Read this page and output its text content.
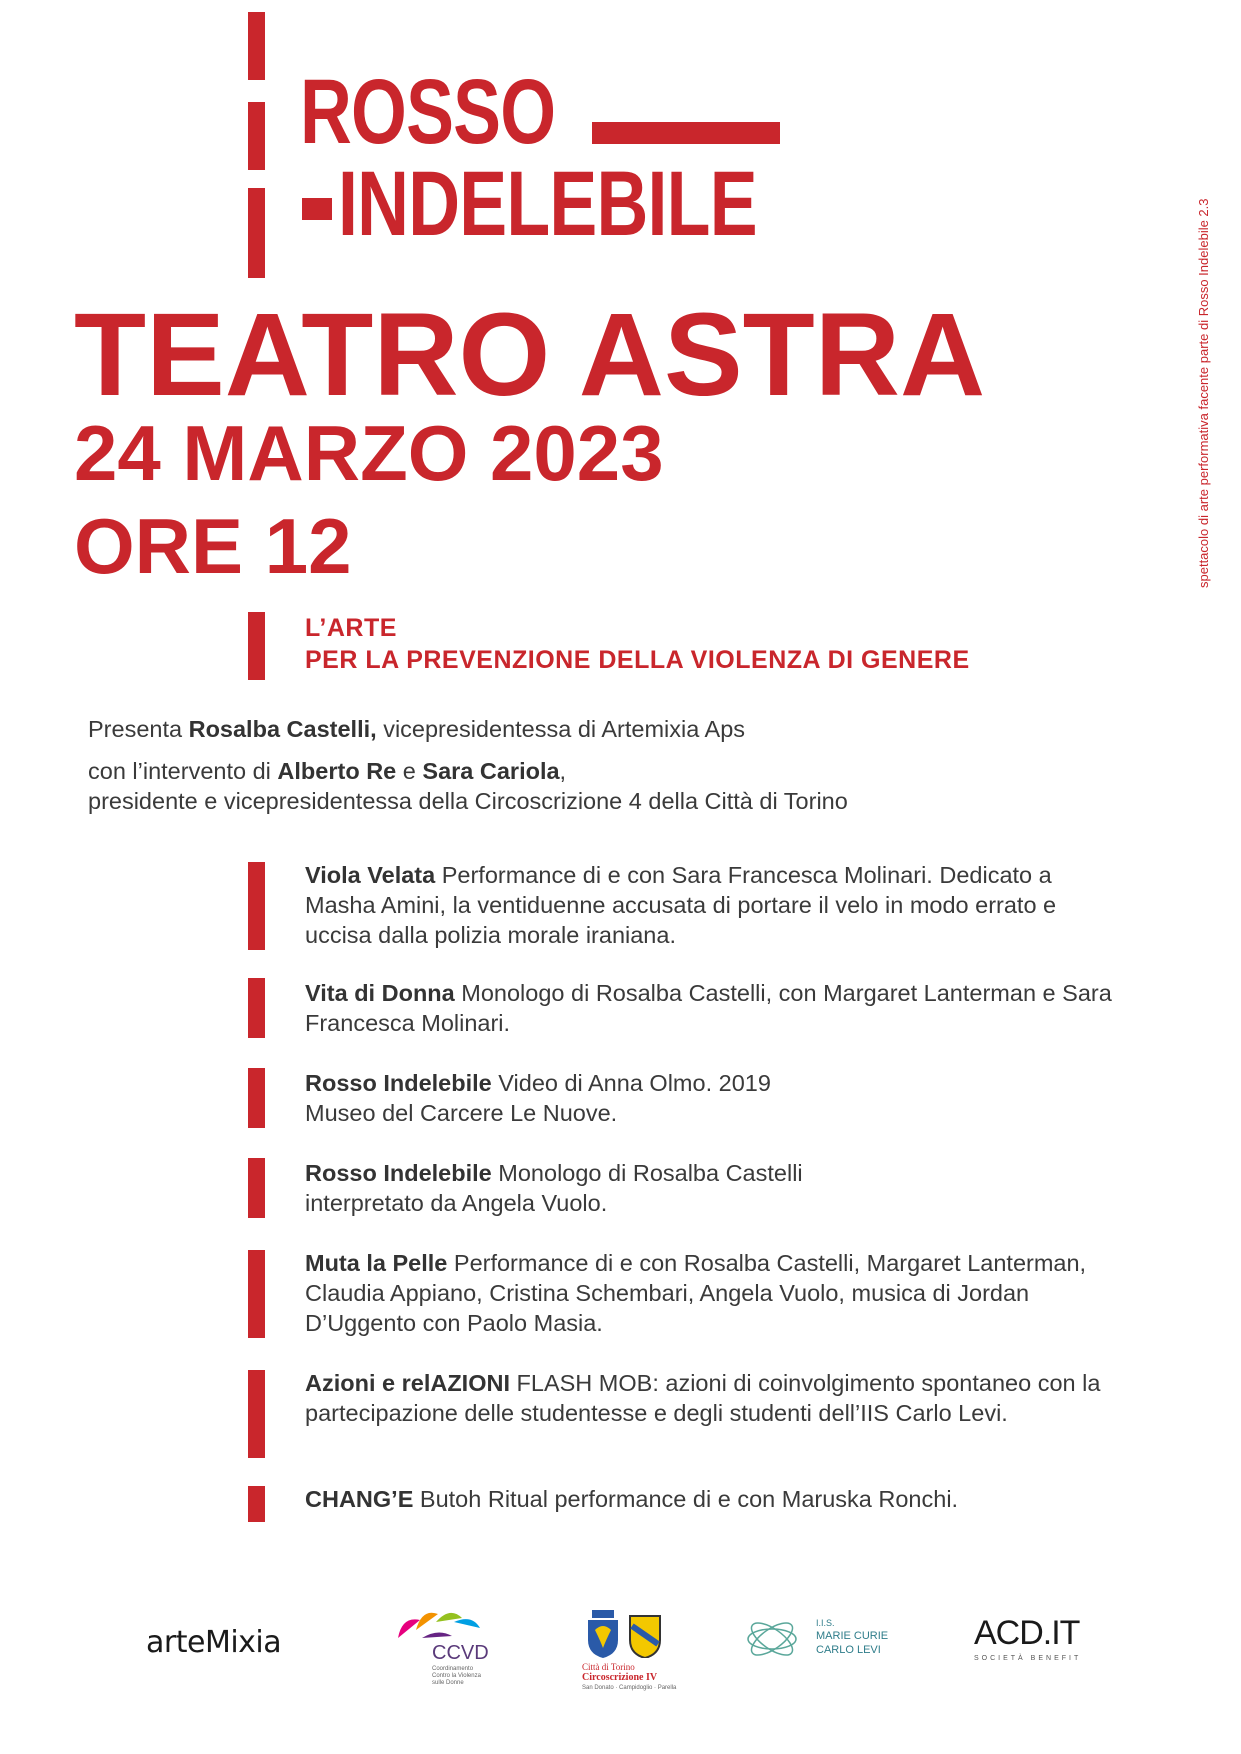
ROSSO
INDELEBILE
TEATRO ASTRA
24 MARZO 2023
ORE 12
L’ARTE
PER LA PREVENZIONE DELLA VIOLENZA DI GENERE
Presenta Rosalba Castelli, vicepresidentessa di Artemixia Aps
con l’intervento di Alberto Re e Sara Cariola,
presidente e vicepresidentessa della Circoscrizione 4 della Città di Torino
Viola Velata Performance di e con Sara Francesca Molinari. Dedicato a Masha Amini, la ventiduenne accusata di portare il velo in modo errato e uccisa dalla polizia morale iraniana.
Vita di Donna Monologo di Rosalba Castelli, con Margaret Lanterman e Sara Francesca Molinari.
Rosso Indelebile Video di Anna Olmo. 2019 Museo del Carcere Le Nuove.
Rosso Indelebile Monologo di Rosalba Castelli interpretato da Angela Vuolo.
Muta la Pelle Performance di e con Rosalba Castelli, Margaret Lanterman, Claudia Appiano, Cristina Schembari, Angela Vuolo, musica di Jordan D’Uggento con Paolo Masia.
Azioni e relAZIONI FLASH MOB: azioni di coinvolgimento spontaneo con la partecipazione delle studentesse e degli studenti dell’IIS Carlo Levi.
CHANG’E Butoh Ritual performance di e con Maruska Ronchi.
spettacolo di arte performativa facente parte di Rosso Indelebile 2.3
arteMixia	CCVD
Coordinamento Contro la Violenza sulle Donne
Città di Torino
Circoscrizione IV
San Donato · Campidoglio · Parella
I.I.S.
MARIE CURIE
CARLO LEVI	ACD.IT
SOCIETÀ BENEFIT
